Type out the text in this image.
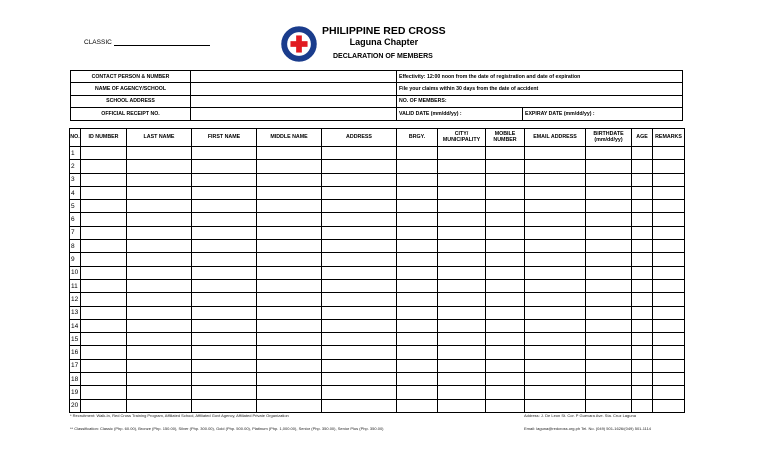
CLASSIC
PHILIPPINE RED CROSS
Laguna Chapter
DECLARATION OF MEMBERS
CONTACT PERSON & NUMBER		Effectivity: 12:00 noon from the date of registration and date of expiration	
NAME OF AGENCY/SCHOOL		File your claims within 30 days from the date of accident	
SCHOOL ADDRESS		NO. OF MEMBERS:	
OFFICIAL RECEIPT NO.		VALID DATE (mm/dd/yy) :	EXPIRAY DATE (mm/dd/yy) :
NO.	ID NUMBER	LAST NAME	FIRST NAME	MIDDLE NAME	ADDRESS	BRGY.	CITY/ MUNICIPALITY	MOBILE NUMBER	EMAIL ADDRESS	BIRTHDATE (mm/dd/yy)	AGE	REMARKS
1												
2												
3												
4												
5												
6												
7												
8												
9												
10												
11												
12												
13												
14												
15												
16												
17												
18												
19												
20												
* Recruitment: Walk-In, Red Cross Training Program, Affiliated School, Affiliated Govt Agency, Affiliated Private Organization
** Classification: Classic (Php. 60.00), Bronze (Php. 150.00), Silver (Php. 300.00), Gold (Php. 500.00), Platinum (Php. 1,000.00), Senior (Php. 350.00), Senior Plus (Php. 350.00)
Address: J. De Leon St. Cor. P Guevara Ave. Sta. Cruz Laguna
Email: laguna@redcross.org.ph Tel. No. (049) 501-1626/(049) 501-1114
